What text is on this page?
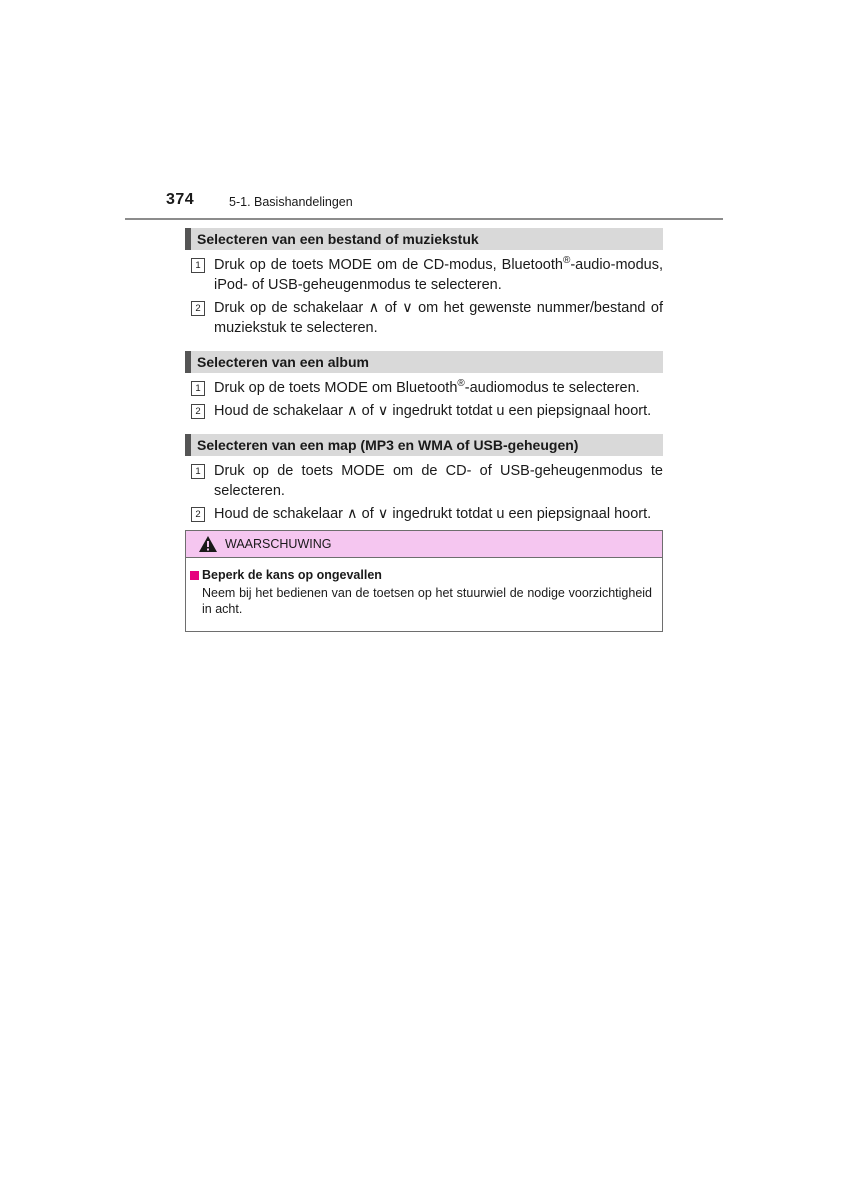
374	5-1. Basishandelingen
Selecteren van een bestand of muziekstuk
1 Druk op de toets MODE om de CD-modus, Bluetooth®-audio-modus, iPod- of USB-geheugenmodus te selecteren.
2 Druk op de schakelaar ∧ of ∨ om het gewenste nummer/bestand of muziekstuk te selecteren.
Selecteren van een album
1 Druk op de toets MODE om Bluetooth®-audiomodus te selecteren.
2 Houd de schakelaar ∧ of ∨ ingedrukt totdat u een piepsignaal hoort.
Selecteren van een map (MP3 en WMA of USB-geheugen)
1 Druk op de toets MODE om de CD- of USB-geheugenmodus te selecteren.
2 Houd de schakelaar ∧ of ∨ ingedrukt totdat u een piepsignaal hoort.
WAARSCHUWING
Beperk de kans op ongevallen
Neem bij het bedienen van de toetsen op het stuurwiel de nodige voorzichtigheid in acht.
